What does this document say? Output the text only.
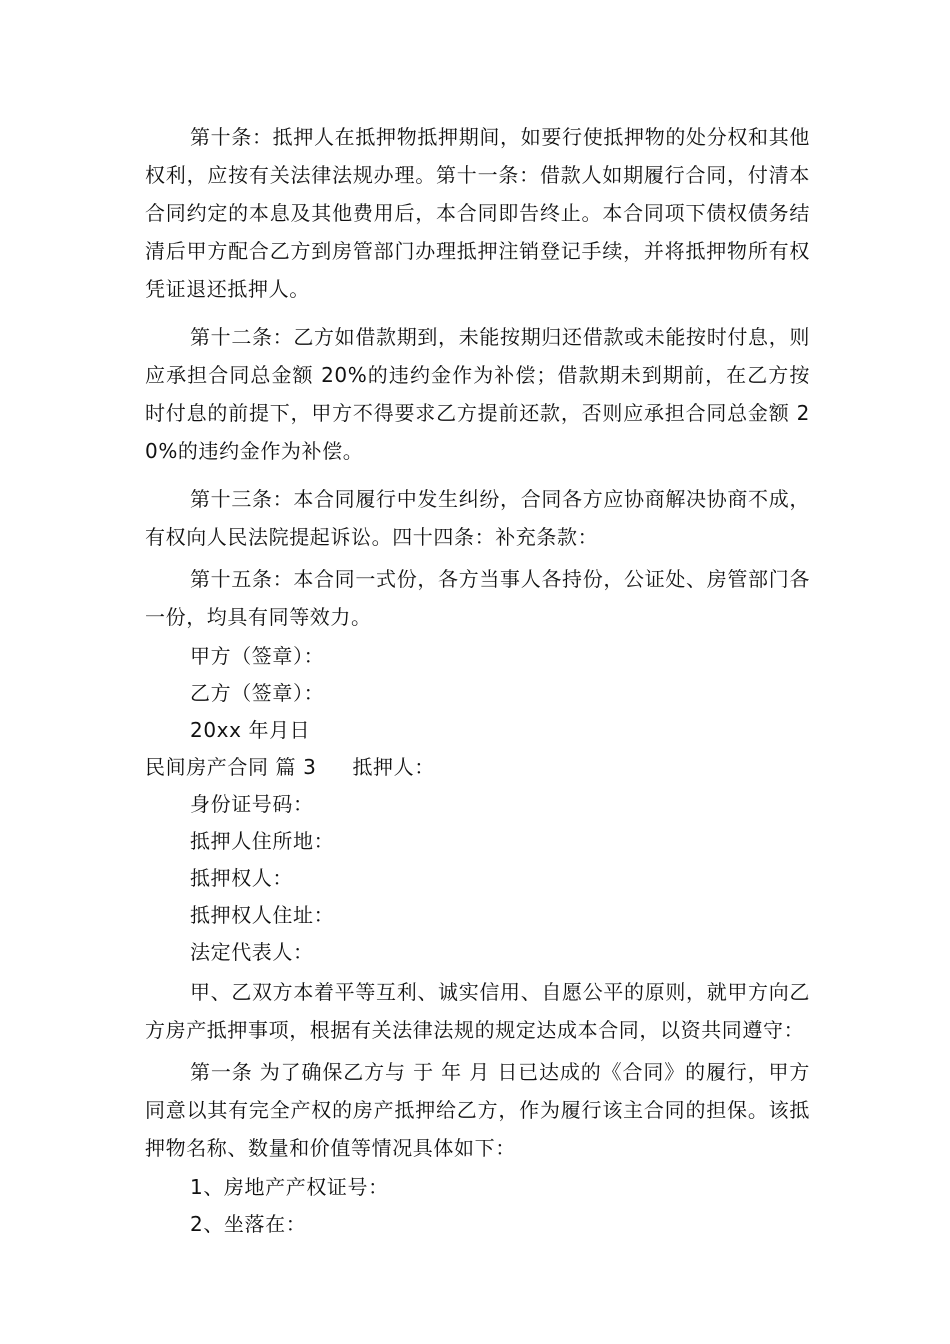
第十条：抵押人在抵押物抵押期间，如要行使抵押物的处分权和其他权利，应按有关法律法规办理。第十一条：借款人如期履行合同，付清本合同约定的本息及其他费用后，本合同即告终止。本合同项下债权债务结清后甲方配合乙方到房管部门办理抵押注销登记手续，并将抵押物所有权凭证退还抵押人。

第十二条：乙方如借款期到，未能按期归还借款或未能按时付息，则应承担合同总金额 20%的违约金作为补偿；借款期未到期前，在乙方按时付息的前提下，甲方不得要求乙方提前还款，否则应承担合同总金额 20%的违约金作为补偿。

第十三条：本合同履行中发生纠纷，合同各方应协商解决协商不成，有权向人民法院提起诉讼。四十四条：补充条款：

第十五条：本合同一式份，各方当事人各持份，公证处、房管部门各一份，均具有同等效力。

甲方（签章）：
乙方（签章）：
20xx 年月日
民间房产合同 篇 3 抵押人：
身份证号码：
抵押人住所地：
抵押权人：
抵押权人住址：
法定代表人：

甲、乙双方本着平等互利、诚实信用、自愿公平的原则，就甲方向乙方房产抵押事项，根据有关法律法规的规定达成本合同，以资共同遵守：

第一条 为了确保乙方与 于 年 月 日已达成的《合同》的履行，甲方同意以其有完全产权的房产抵押给乙方，作为履行该主合同的担保。该抵押物名称、数量和价值等情况具体如下：

1、房地产产权证号：
2、坐落在：
